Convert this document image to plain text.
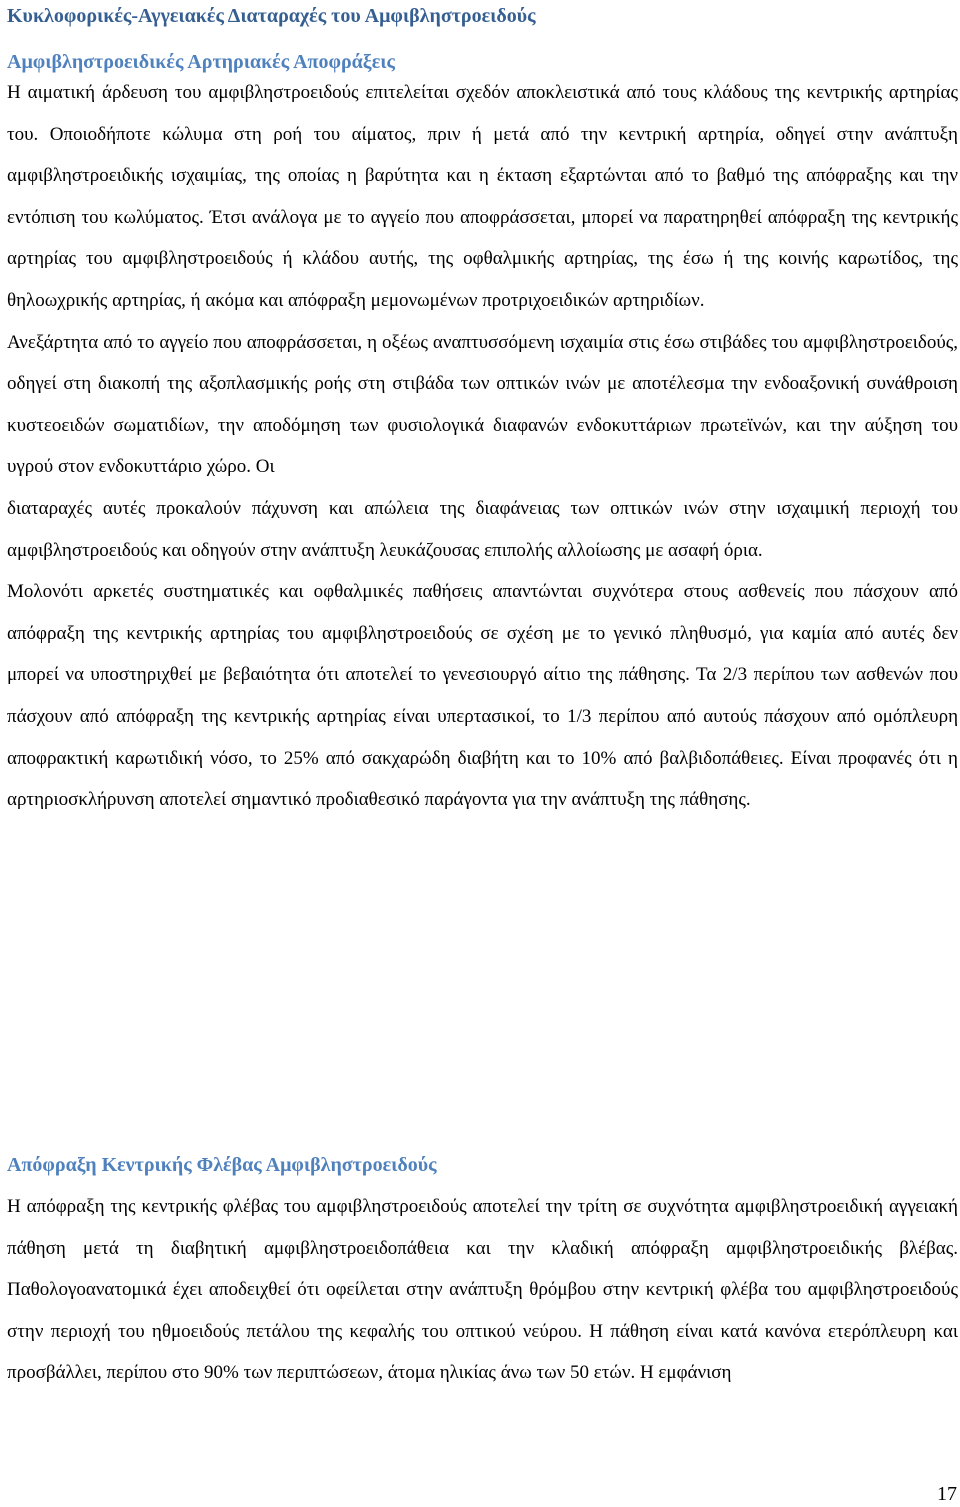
Κυκλοφορικές-Αγγειακές Διαταραχές του Αμφιβληστροειδούς
Αμφιβληστροειδικές Αρτηριακές Αποφράξεις

Η αιματική άρδευση του αμφιβληστροειδούς επιτελείται σχεδόν αποκλειστικά από τους κλάδους της κεντρικής αρτηρίας του. Οποιοδήποτε κώλυμα στη ροή του αίματος, πριν ή μετά από την κεντρική αρτηρία, οδηγεί στην ανάπτυξη αμφιβληστροειδικής ισχαιμίας, της οποίας η βαρύτητα και η έκταση εξαρτώνται από το βαθμό της απόφραξης και την εντόπιση του κωλύματος. Έτσι ανάλογα με το αγγείο που αποφράσσεται, μπορεί να παρατηρηθεί απόφραξη της κεντρικής αρτηρίας του αμφιβληστροειδούς ή κλάδου αυτής, της οφθαλμικής αρτηρίας, της έσω ή της κοινής καρωτίδος, της θηλοωχρικής αρτηρίας, ή ακόμα και απόφραξη μεμονωμένων προτριχοειδικών αρτηριδίων.

Ανεξάρτητα από το αγγείο που αποφράσσεται, η οξέως αναπτυσσόμενη ισχαιμία στις έσω στιβάδες του αμφιβληστροειδούς, οδηγεί στη διακοπή της αξοπλασμικής ροής στη στιβάδα των οπτικών ινών με αποτέλεσμα την ενδοαξονική συνάθροιση κυστεοειδών σωματιδίων, την αποδόμηση των φυσιολογικά διαφανών ενδοκυττάριων πρωτεϊνών, και την αύξηση του υγρού στον ενδοκυττάριο χώρο. Οι

διαταραχές αυτές προκαλούν πάχυνση και απώλεια της διαφάνειας των οπτικών ινών στην ισχαιμική περιοχή του αμφιβληστροειδούς και οδηγούν στην ανάπτυξη λευκάζουσας επιπολής αλλοίωσης με ασαφή όρια.

Μολονότι αρκετές συστηματικές και οφθαλμικές παθήσεις απαντώνται συχνότερα στους ασθενείς που πάσχουν από απόφραξη της κεντρικής αρτηρίας του αμφιβληστροειδούς σε σχέση με το γενικό πληθυσμό, για καμία από αυτές δεν μπορεί να υποστηριχθεί με βεβαιότητα ότι αποτελεί το γενεσιουργό αίτιο της πάθησης. Τα 2/3 περίπου των ασθενών που πάσχουν από απόφραξη της κεντρικής αρτηρίας είναι υπερτασικοί, το 1/3 περίπου από αυτούς πάσχουν από ομόπλευρη αποφρακτική καρωτιδική νόσο, το 25% από σακχαρώδη διαβήτη και το 10% από βαλβιδοπάθειες. Είναι προφανές ότι η αρτηριοσκλήρυνση αποτελεί σημαντικό προδιαθεσικό παράγοντα για την ανάπτυξη της πάθησης.

Απόφραξη Κεντρικής Φλέβας Αμφιβληστροειδούς

Η απόφραξη της κεντρικής φλέβας του αμφιβληστροειδούς αποτελεί την τρίτη σε συχνότητα αμφιβληστροειδική αγγειακή πάθηση μετά τη διαβητική αμφιβληστροειδοπάθεια και την κλαδική απόφραξη αμφιβληστροειδικής βλέβας. Παθολογοανατομικά έχει αποδειχθεί ότι οφείλεται στην ανάπτυξη θρόμβου στην κεντρική φλέβα του αμφιβληστροειδούς στην περιοχή του ηθμοειδούς πετάλου της κεφαλής του οπτικού νεύρου. Η πάθηση είναι κατά κανόνα ετερόπλευρη και προσβάλλει, περίπου στο 90% των περιπτώσεων, άτομα ηλικίας άνω των 50 ετών. Η εμφάνιση

17
